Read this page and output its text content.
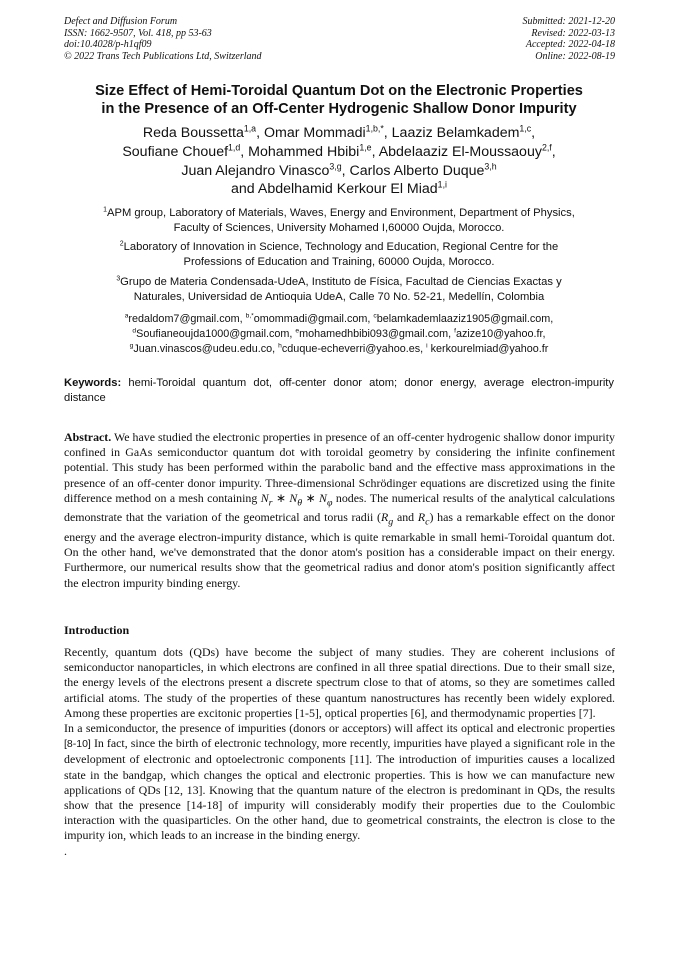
Defect and Diffusion Forum
ISSN: 1662-9507, Vol. 418, pp 53-63
doi:10.4028/p-h1qf09
© 2022 Trans Tech Publications Ltd, Switzerland
Submitted: 2021-12-20
Revised: 2022-03-13
Accepted: 2022-04-18
Online: 2022-08-19
Size Effect of Hemi-Toroidal Quantum Dot on the Electronic Properties
in the Presence of an Off-Center Hydrogenic Shallow Donor Impurity
Reda Boussetta$^{1,a}$, Omar Mommadi$^{1,b,*}$, Laaziz Belamkadem$^{1,c}$,
Soufiane Chouef$^{1,d}$, Mohammed Hbibi$^{1,e}$, Abdelaaziz El-Moussaouy$^{2,f}$,
Juan Alejandro Vinasco$^{3,g}$, Carlos Alberto Duque$^{3,h}$
and Abdelhamid Kerkour El Miad$^{1,i}$
$^1$APM group, Laboratory of Materials, Waves, Energy and Environment, Department of Physics,
Faculty of Sciences, University Mohamed I,60000 Oujda, Morocco.
$^2$Laboratory of Innovation in Science, Technology and Education, Regional Centre for the
Professions of Education and Training, 60000 Oujda, Morocco.
$^3$Grupo de Materia Condensada-UdeA, Instituto de Física, Facultad de Ciencias Exactas y
Naturales, Universidad de Antioquia UdeA, Calle 70 No. 52-21, Medellín, Colombia
$^a$redaldom7@gmail.com, $^{b,*}$omommadi@gmail.com, $^c$belamkademlaaziz1905@gmail.com,
$^d$Soufianeoujda1000@gmail.com, $^e$mohamedhbibi093@gmail.com, $^f$azize10@yahoo.fr,
$^g$Juan.vinascos@udeu.edu.co, $^h$cduque-echeverri@yahoo.es, $^i$ kerkourelmiad@yahoo.fr
Keywords: hemi-Toroidal quantum dot, off-center donor atom; donor energy, average electron-impurity distance
Abstract. We have studied the electronic properties in presence of an off-center hydrogenic shallow donor impurity confined in GaAs semiconductor quantum dot with toroidal geometry by considering the infinite confinement potential. This study has been performed within the parabolic band and the effective mass approximations in the presence of an off-center donor impurity. Three-dimensional Schrödinger equations are discretized using the finite difference method on a mesh containing $N_r$ ∗ $N_\theta$ ∗ $N_\varphi$ nodes. The numerical results of the analytical calculations demonstrate that the variation of the geometrical and torus radii ($R_g$ and $R_c$) has a remarkable effect on the donor energy and the average electron-impurity distance, which is quite remarkable in small hemi-Toroidal quantum dot. On the other hand, we've demonstrated that the donor atom's position has a considerable impact on their energy. Furthermore, our numerical results show that the geometrical radius and donor atom's position significantly affect the electron impurity binding energy.
Introduction
Recently, quantum dots (QDs) have become the subject of many studies. They are coherent inclusions of semiconductor nanoparticles, in which electrons are confined in all three spatial directions. Due to their small size, the energy levels of the electrons present a discrete spectrum close to that of atoms, so they are sometimes called artificial atoms. The study of the properties of these quantum nanostructures has recently been widely explored. Among these properties are excitonic properties [1-5], optical properties [6], and thermodynamic properties [7].
In a semiconductor, the presence of impurities (donors or acceptors) will affect its optical and electronic properties [8-10] In fact, since the birth of electronic technology, more recently, impurities have played a significant role in the development of electronic and optoelectronic components [11]. The introduction of impurities causes a localized state in the bandgap, which changes the optical and electronic properties. This is how we can manufacture new applications of QDs [12, 13]. Knowing that the quantum nature of the electron is predominant in QDs, the results show that the presence [14-18] of impurity will considerably modify their properties due to the Coulombic interaction with the quasiparticles. On the other hand, due to geometrical constraints, the electron is close to the impurity ion, which leads to an increase in the binding energy.
.
